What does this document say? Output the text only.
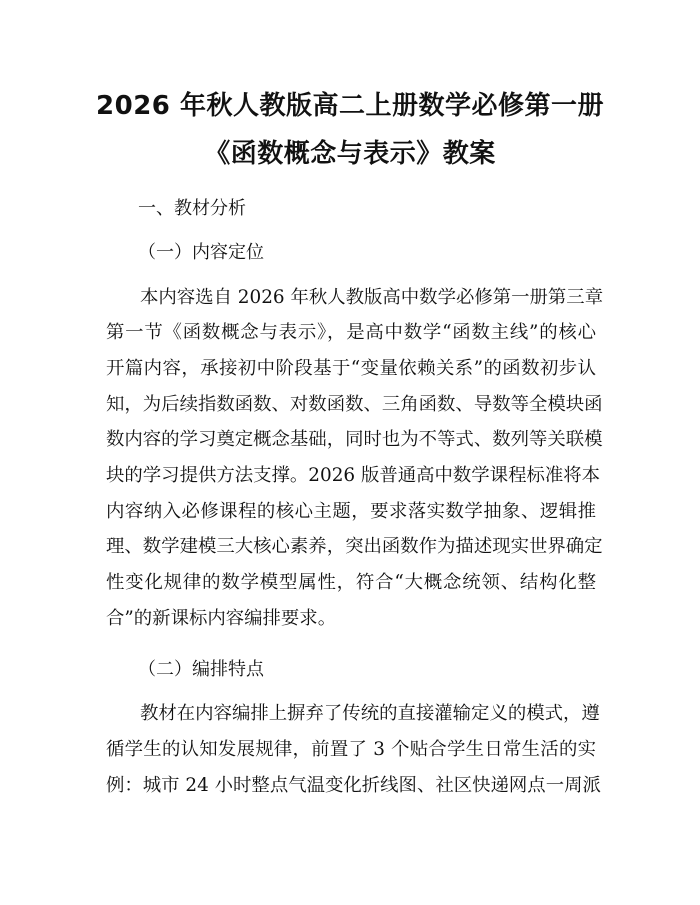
2026 年秋人教版高二上册数学必修第一册
《函数概念与表示》教案

一、教材分析

（一）内容定位

本内容选自 2026 年秋人教版高中数学必修第一册第三章

第一节《函数概念与表示》，是高中数学“函数主线”的核心

开篇内容，承接初中阶段基于“变量依赖关系”的函数初步认

知，为后续指数函数、对数函数、三角函数、导数等全模块函

数内容的学习奠定概念基础，同时也为不等式、数列等关联模

块的学习提供方法支撑。2026 版普通高中数学课程标准将本

内容纳入必修课程的核心主题，要求落实数学抽象、逻辑推

理、数学建模三大核心素养，突出函数作为描述现实世界确定

性变化规律的数学模型属性，符合“大概念统领、结构化整

合”的新课标内容编排要求。

（二）编排特点

教材在内容编排上摒弃了传统的直接灌输定义的模式，遵

循学生的认知发展规律，前置了 3 个贴合学生日常生活的实

例：城市 24 小时整点气温变化折线图、社区快递网点一周派
